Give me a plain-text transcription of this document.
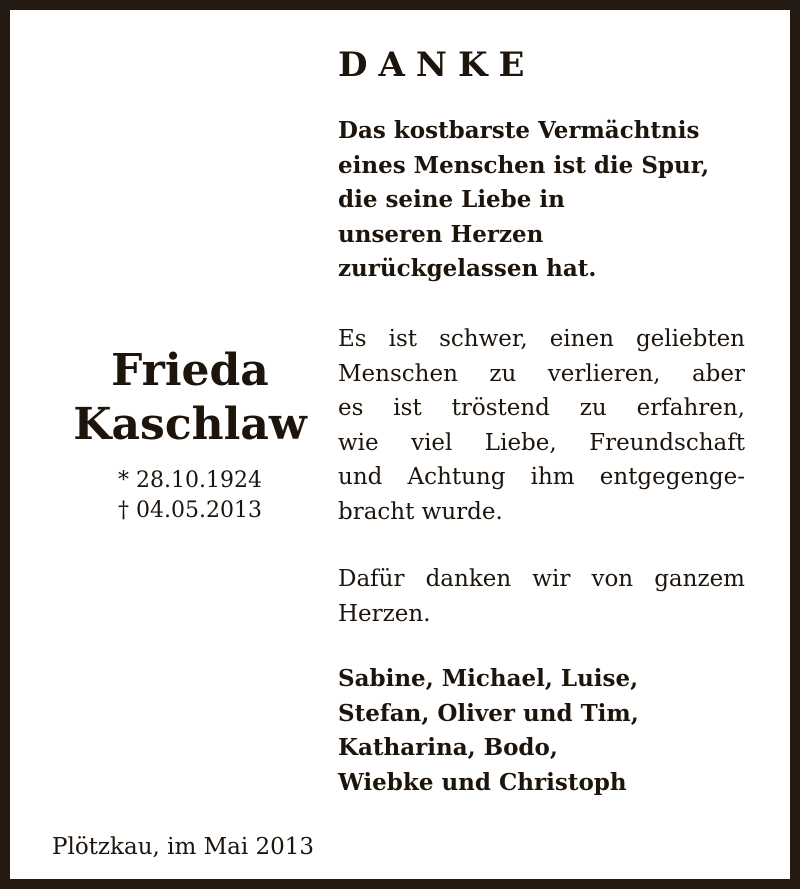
DANKE

Das kostbarste Vermächtnis
eines Menschen ist die Spur,
die seine Liebe in
unseren Herzen
zurückgelassen hat.

Frieda
Kaschlaw
* 28.10.1924
† 04.05.2013

Es ist schwer, einen geliebten
Menschen zu verlieren, aber
es ist tröstend zu erfahren,
wie viel Liebe, Freundschaft
und Achtung ihm entgegenge-
bracht wurde.

Dafür danken wir von ganzem
Herzen.

Sabine, Michael, Luise,
Stefan, Oliver und Tim,
Katharina, Bodo,
Wiebke und Christoph

Plötzkau, im Mai 2013
